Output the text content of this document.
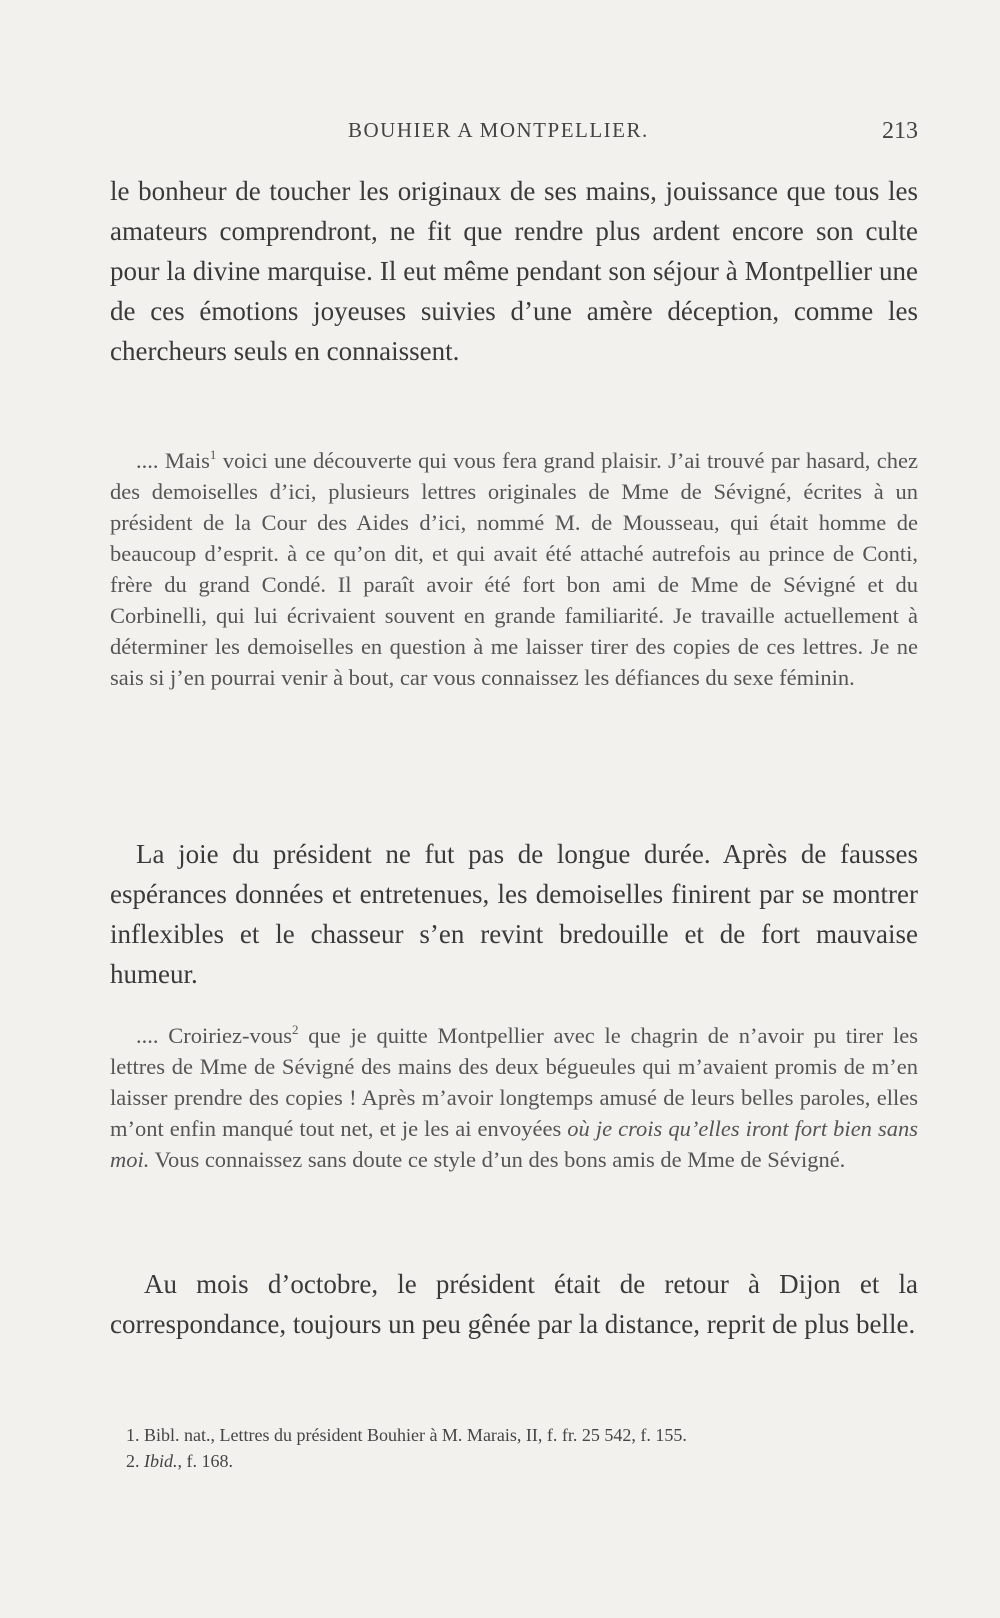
BOUHIER A MONTPELLIER.	213

le bonheur de toucher les originaux de ses mains, jouissance que tous les amateurs comprendront, ne fit que rendre plus ardent encore son culte pour la divine marquise. Il eut même pendant son séjour à Montpellier une de ces émotions joyeuses suivies d’une amère déception, comme les chercheurs seuls en connaissent.

.... Mais$^1$ voici une découverte qui vous fera grand plaisir. J’ai trouvé par hasard, chez des demoiselles d’ici, plusieurs lettres originales de Mme de Sévigné, écrites à un président de la Cour des Aides d’ici, nommé M. de Mousseau, qui était homme de beaucoup d’esprit. à ce qu’on dit, et qui avait été attaché autrefois au prince de Conti, frère du grand Condé. Il paraît avoir été fort bon ami de Mme de Sévigné et du Corbinelli, qui lui écrivaient souvent en grande familiarité. Je travaille actuellement à déterminer les demoiselles en question à me laisser tirer des copies de ces lettres. Je ne sais si j’en pourrai venir à bout, car vous connaissez les défiances du sexe féminin.

La joie du président ne fut pas de longue durée. Après de fausses espérances données et entretenues, les demoiselles finirent par se montrer inflexibles et le chasseur s’en revint bredouille et de fort mauvaise humeur.

.... Croiriez-vous$^2$ que je quitte Montpellier avec le chagrin de n’avoir pu tirer les lettres de Mme de Sévigné des mains des deux bégueules qui m’avaient promis de m’en laisser prendre des copies ! Après m’avoir longtemps amusé de leurs belles paroles, elles m’ont enfin manqué tout net, et je les ai envoyées où je crois qu’elles iront fort bien sans moi. Vous connaissez sans doute ce style d’un des bons amis de Mme de Sévigné.

Au mois d’octobre, le président était de retour à Dijon et la correspondance, toujours un peu gênée par la distance, reprit de plus belle.

1. Bibl. nat., Lettres du président Bouhier à M. Marais, II, f. fr. 25 542, f. 155.

2. Ibid., f. 168.
